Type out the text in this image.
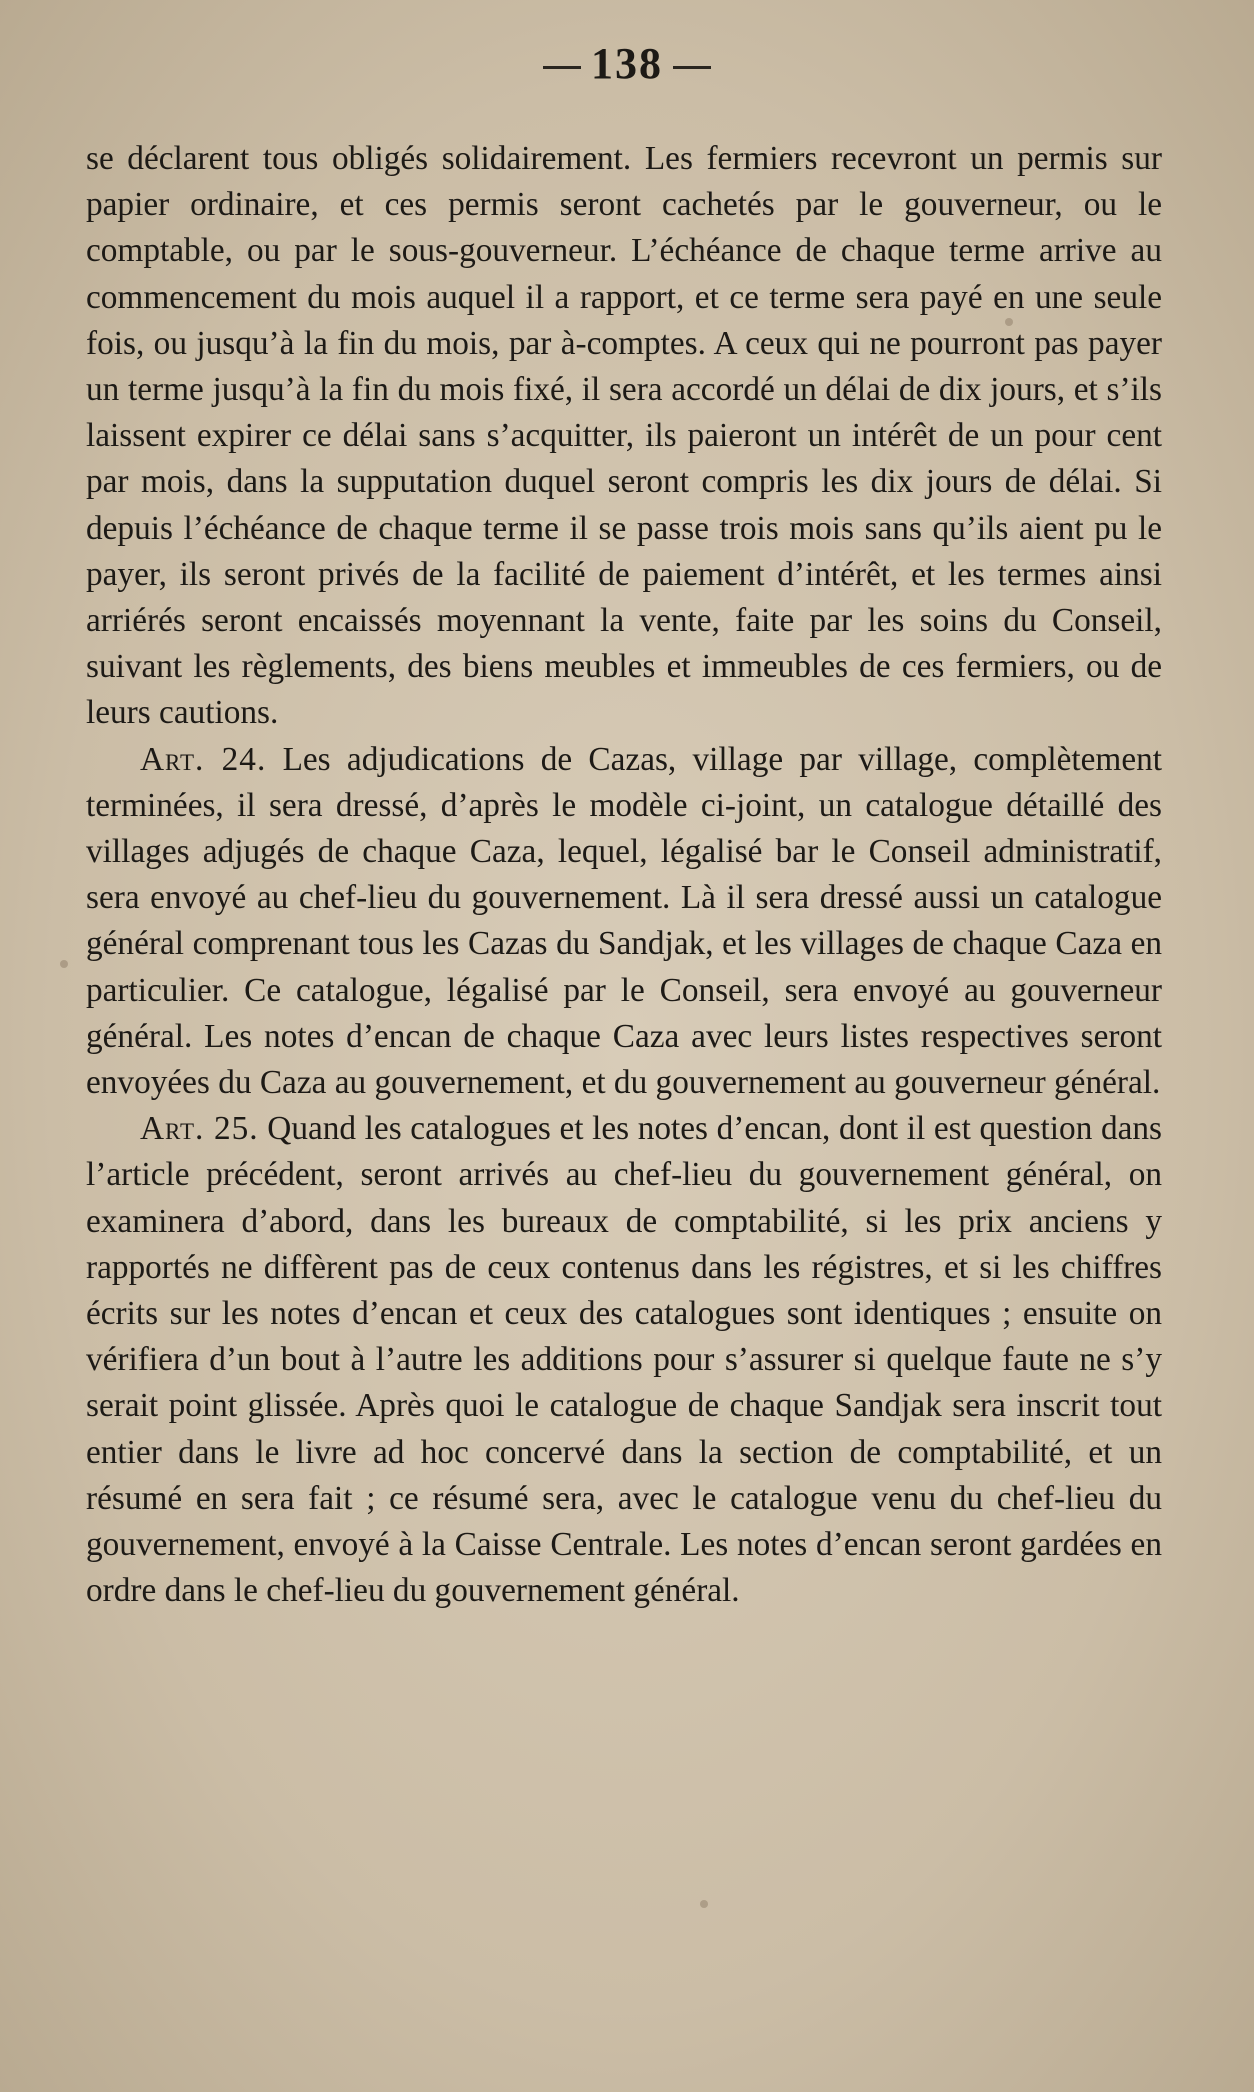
138

se déclarent tous obligés solidairement. Les fermiers recevront un permis sur papier ordinaire, et ces permis seront cachetés par le gouverneur, ou le comptable, ou par le sous-gouverneur. L’échéance de chaque terme arrive au commencement du mois auquel il a rapport, et ce terme sera payé en une seule fois, ou jusqu’à la fin du mois, par à-comptes. A ceux qui ne pourront pas payer un terme jusqu’à la fin du mois fixé, il sera accordé un délai de dix jours, et s’ils laissent expirer ce délai sans s’acquitter, ils paieront un intérêt de un pour cent par mois, dans la supputation duquel seront compris les dix jours de délai. Si depuis l’échéance de chaque terme il se passe trois mois sans qu’ils aient pu le payer, ils seront privés de la facilité de paiement d’intérêt, et les termes ainsi arriérés seront encaissés moyennant la vente, faite par les soins du Conseil, suivant les règlements, des biens meubles et immeubles de ces fermiers, ou de leurs cautions.

Art. 24. Les adjudications de Cazas, village par village, complètement terminées, il sera dressé, d’après le modèle ci-joint, un catalogue détaillé des villages adjugés de chaque Caza, lequel, légalisé bar le Conseil administratif, sera envoyé au chef-lieu du gouvernement. Là il sera dressé aussi un catalogue général comprenant tous les Cazas du Sandjak, et les villages de chaque Caza en particulier. Ce catalogue, légalisé par le Conseil, sera envoyé au gouverneur général. Les notes d’encan de chaque Caza avec leurs listes respectives seront envoyées du Caza au gouvernement, et du gouvernement au gouverneur général.

Art. 25. Quand les catalogues et les notes d’encan, dont il est question dans l’article précédent, seront arrivés au chef-lieu du gouvernement général, on examinera d’abord, dans les bureaux de comptabilité, si les prix anciens y rapportés ne diffèrent pas de ceux contenus dans les régistres, et si les chiffres écrits sur les notes d’encan et ceux des catalogues sont identiques ; ensuite on vérifiera d’un bout à l’autre les additions pour s’assurer si quelque faute ne s’y serait point glissée. Après quoi le catalogue de chaque Sandjak sera inscrit tout entier dans le livre ad hoc concervé dans la section de comptabilité, et un résumé en sera fait ; ce résumé sera, avec le catalogue venu du chef-lieu du gouvernement, envoyé à la Caisse Centrale. Les notes d’encan seront gardées en ordre dans le chef-lieu du gouvernement général.
